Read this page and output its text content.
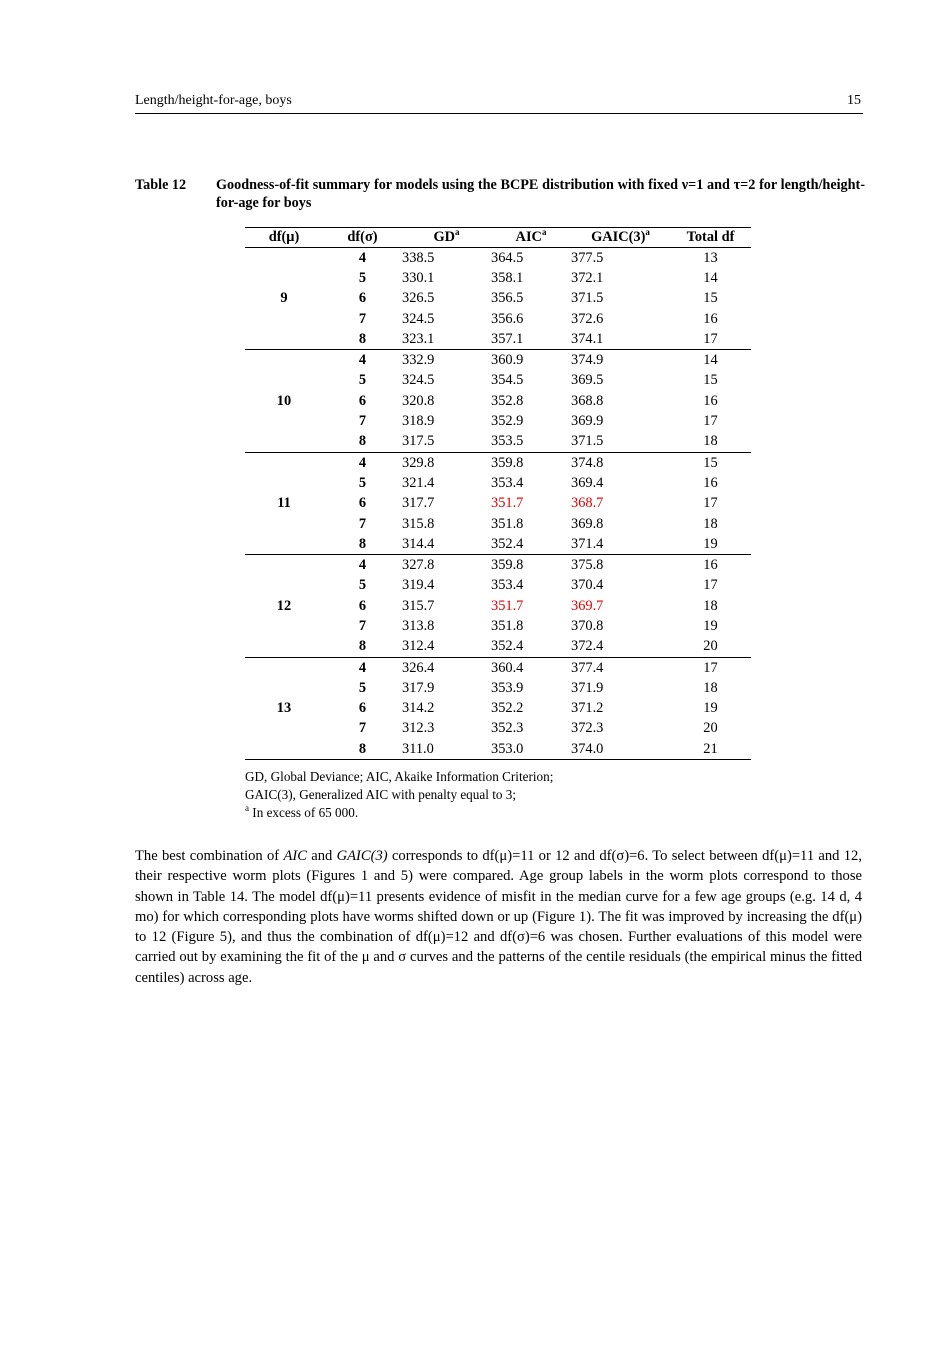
Length/height-for-age, boys	15
Table 12 Goodness-of-fit summary for models using the BCPE distribution with fixed ν=1 and τ=2 for length/height-for-age for boys
df(μ)	df(σ)	$GD^a$	AIC$^a$	$GAIC(3)^a$	Total df
9	4	338.5	364.5	377.5	13
	5	330.1	358.1	372.1	14
	6	326.5	356.5	371.5	15
	7	324.5	356.6	372.6	16
	8	323.1	357.1	374.1	17
10	4	332.9	360.9	374.9	14
	5	324.5	354.5	369.5	15
	6	320.8	352.8	368.8	16
	7	318.9	352.9	369.9	17
	8	317.5	353.5	371.5	18
11	4	329.8	359.8	374.8	15
	5	321.4	353.4	369.4	16
	6	317.7	351.7	368.7	17
	7	315.8	351.8	369.8	18
	8	314.4	352.4	371.4	19
12	4	327.8	359.8	375.8	16
	5	319.4	353.4	370.4	17
	6	315.7	351.7	369.7	18
	7	313.8	351.8	370.8	19
	8	312.4	352.4	372.4	20
13	4	326.4	360.4	377.4	17
	5	317.9	353.9	371.9	18
	6	314.2	352.2	371.2	19
	7	312.3	352.3	372.3	20
	8	311.0	353.0	374.0	21
GD, Global Deviance; AIC, Akaike Information Criterion;
GAIC(3), Generalized AIC with penalty equal to 3;
$^a$ In excess of 65 000.

The best combination of AIC and GAIC(3) corresponds to df(μ)=11 or 12 and df(σ)=6. To select between df(μ)=11 and 12, their respective worm plots (Figures 1 and 5) were compared. Age group labels in the worm plots correspond to those shown in Table 14. The model df(μ)=11 presents evidence of misfit in the median curve for a few age groups (e.g. 14 d, 4 mo) for which corresponding plots have worms shifted down or up (Figure 1). The fit was improved by increasing the df(μ) to 12 (Figure 5), and thus the combination of df(μ)=12 and df(σ)=6 was chosen. Further evaluations of this model were carried out by examining the fit of the μ and σ curves and the patterns of the centile residuals (the empirical minus the fitted centiles) across age.
